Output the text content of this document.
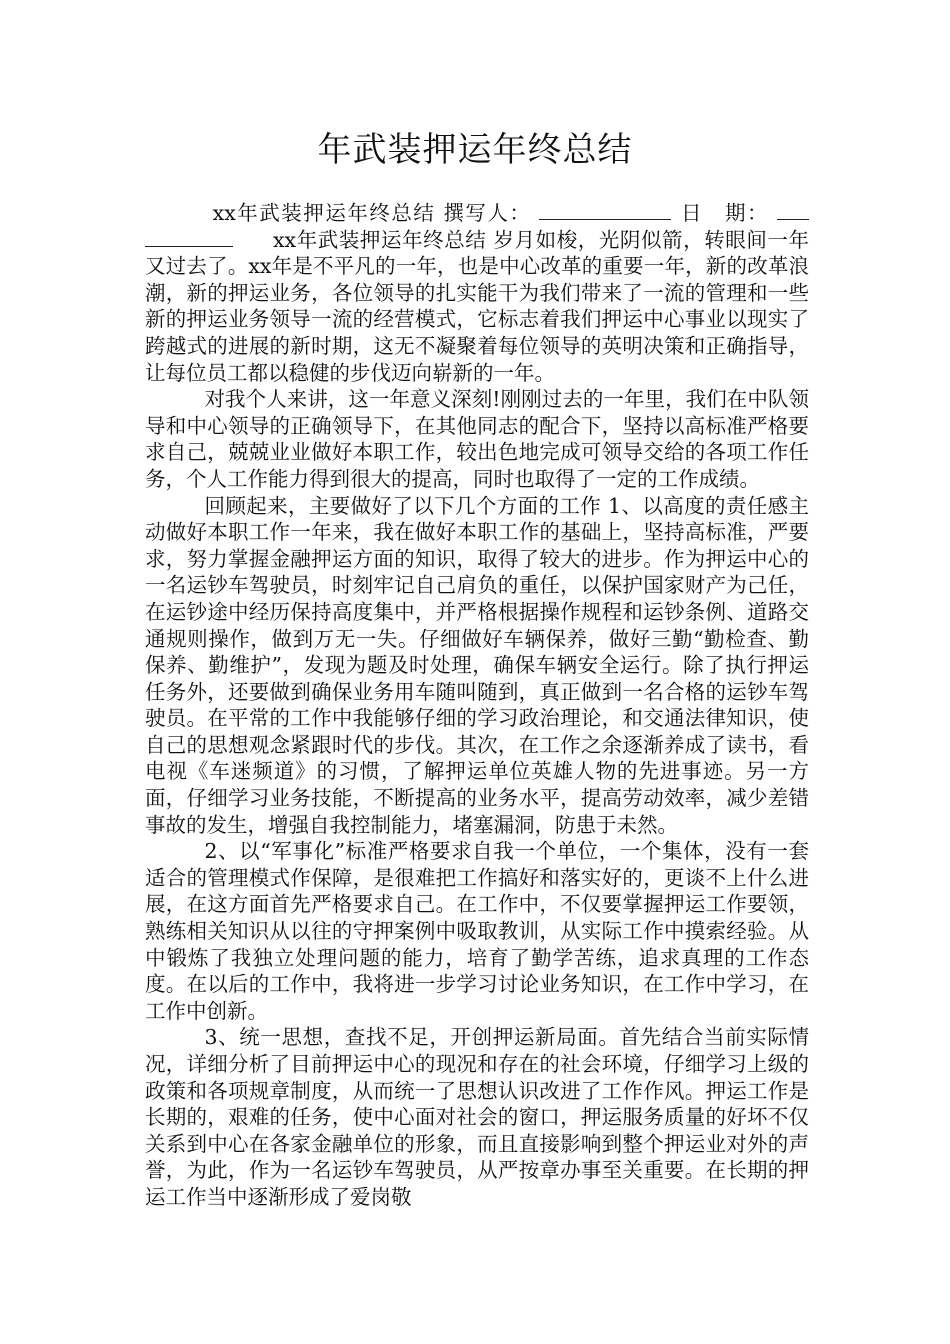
年武装押运年终总结

xx年武装押运年终总结 撰写人：	日　期：xx年武装押运年终总结 岁月如梭，光阴似箭，转眼间一年又过去了。xx年是不平凡的一年，也是中心改革的重要一年，新的改革浪潮，新的押运业务，各位领导的扎实能干为我们带来了一流的管理和一些新的押运业务领导一流的经营模式，它标志着我们押运中心事业以现实了跨越式的进展的新时期，这无不凝聚着每位领导的英明决策和正确指导，让每位员工都以稳健的步伐迈向崭新的一年。

对我个人来讲，这一年意义深刻!刚刚过去的一年里，我们在中队领导和中心领导的正确领导下，在其他同志的配合下，坚持以高标准严格要求自己，兢兢业业做好本职工作，较出色地完成可领导交给的各项工作任务，个人工作能力得到很大的提高，同时也取得了一定的工作成绩。

回顾起来，主要做好了以下几个方面的工作 1、以高度的责任感主动做好本职工作一年来，我在做好本职工作的基础上，坚持高标准，严要求，努力掌握金融押运方面的知识，取得了较大的进步。作为押运中心的一名运钞车驾驶员，时刻牢记自己肩负的重任，以保护国家财产为己任，在运钞途中经历保持高度集中，并严格根据操作规程和运钞条例、道路交通规则操作，做到万无一失。仔细做好车辆保养，做好三勤“勤检查、勤保养、勤维护”，发现为题及时处理，确保车辆安全运行。除了执行押运任务外，还要做到确保业务用车随叫随到，真正做到一名合格的运钞车驾驶员。在平常的工作中我能够仔细的学习政治理论，和交通法律知识，使自己的思想观念紧跟时代的步伐。其次，在工作之余逐渐养成了读书，看电视《车迷频道》的习惯，了解押运单位英雄人物的先进事迹。另一方面，仔细学习业务技能，不断提高的业务水平，提高劳动效率，减少差错事故的发生，增强自我控制能力，堵塞漏洞，防患于未然。

2、以“军事化”标准严格要求自我一个单位，一个集体，没有一套适合的管理模式作保障，是很难把工作搞好和落实好的，更谈不上什么进展，在这方面首先严格要求自己。在工作中，不仅要掌握押运工作要领，熟练相关知识从以往的守押案例中吸取教训，从实际工作中摸索经验。从中锻炼了我独立处理问题的能力，培育了勤学苦练，追求真理的工作态度。在以后的工作中，我将进一步学习讨论业务知识，在工作中学习，在工作中创新。

3、统一思想，查找不足，开创押运新局面。首先结合当前实际情况，详细分析了目前押运中心的现况和存在的社会环境，仔细学习上级的政策和各项规章制度，从而统一了思想认识改进了工作作风。押运工作是长期的，艰难的任务，使中心面对社会的窗口，押运服务质量的好坏不仅关系到中心在各家金融单位的形象，而且直接影响到整个押运业对外的声誉，为此，作为一名运钞车驾驶员，从严按章办事至关重要。在长期的押运工作当中逐渐形成了爱岗敬
